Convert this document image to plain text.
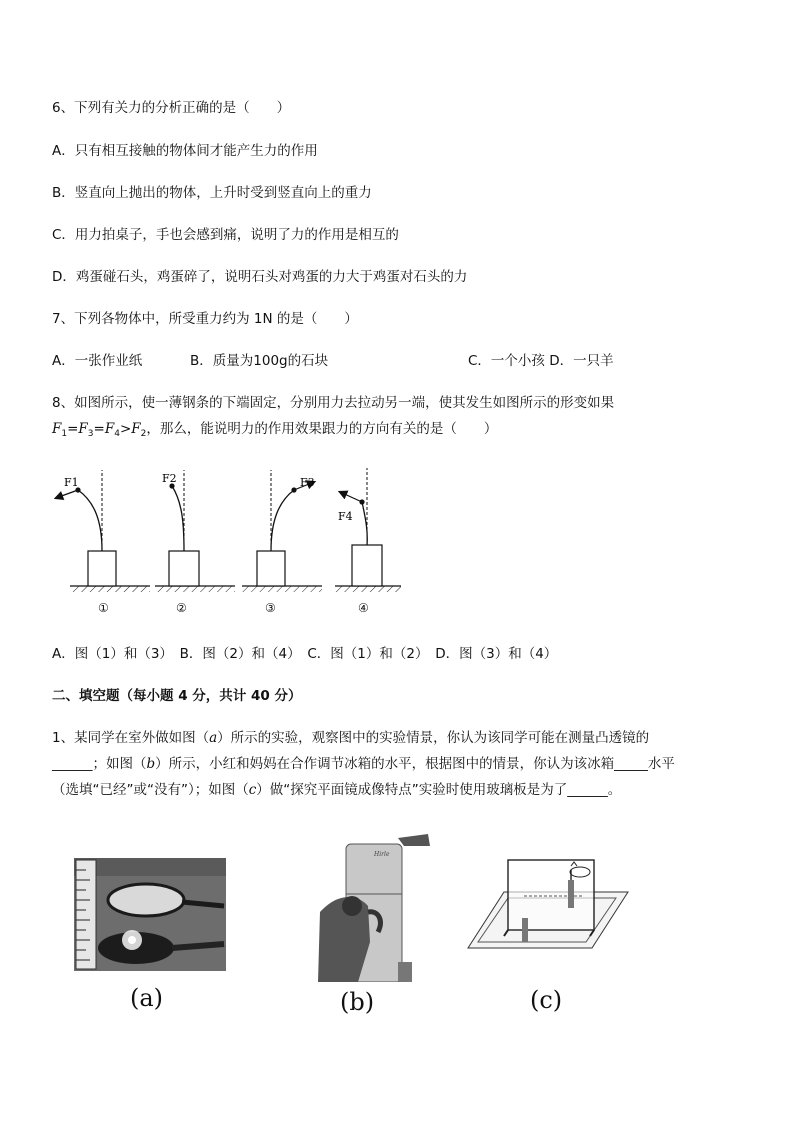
6、下列有关力的分析正确的是（　　）
A．只有相互接触的物体间才能产生力的作用
B．竖直向上抛出的物体，上升时受到竖直向上的重力
C．用力拍桌子，手也会感到痛，说明了力的作用是相互的
D．鸡蛋碰石头，鸡蛋碎了，说明石头对鸡蛋的力大于鸡蛋对石头的力
7、下列各物体中，所受重力约为 1N 的是（　　）
A．一张作业纸	B．质量为100g的石块	C．一个小孩 D．一只羊
8、如图所示，使一薄钢条的下端固定，分别用力去拉动另一端，使其发生如图所示的形变如果
$F_1=F_3=F_4>F_2$，那么，能说明力的作用效果跟力的方向有关的是（　　）
F1	F2	F3
F4
①	②	③	④
A．图（1）和（3）　B．图（2）和（4）　C．图（1）和（2）　D．图（3）和（4）
二、填空题（每小题 4 分，共计 40 分）
1、某同学在室外做如图（a）所示的实验，观察图中的实验情景，你认为该同学可能在测量凸透镜的
______；如图（b）所示，小红和妈妈在合作调节冰箱的水平，根据图中的情景，你认为该冰箱_____水平
（选填“已经”或“没有”）；如图（c）做“探究平面镜成像特点”实验时使用玻璃板是为了______。
Hirle
(a)	(b)	(c)
